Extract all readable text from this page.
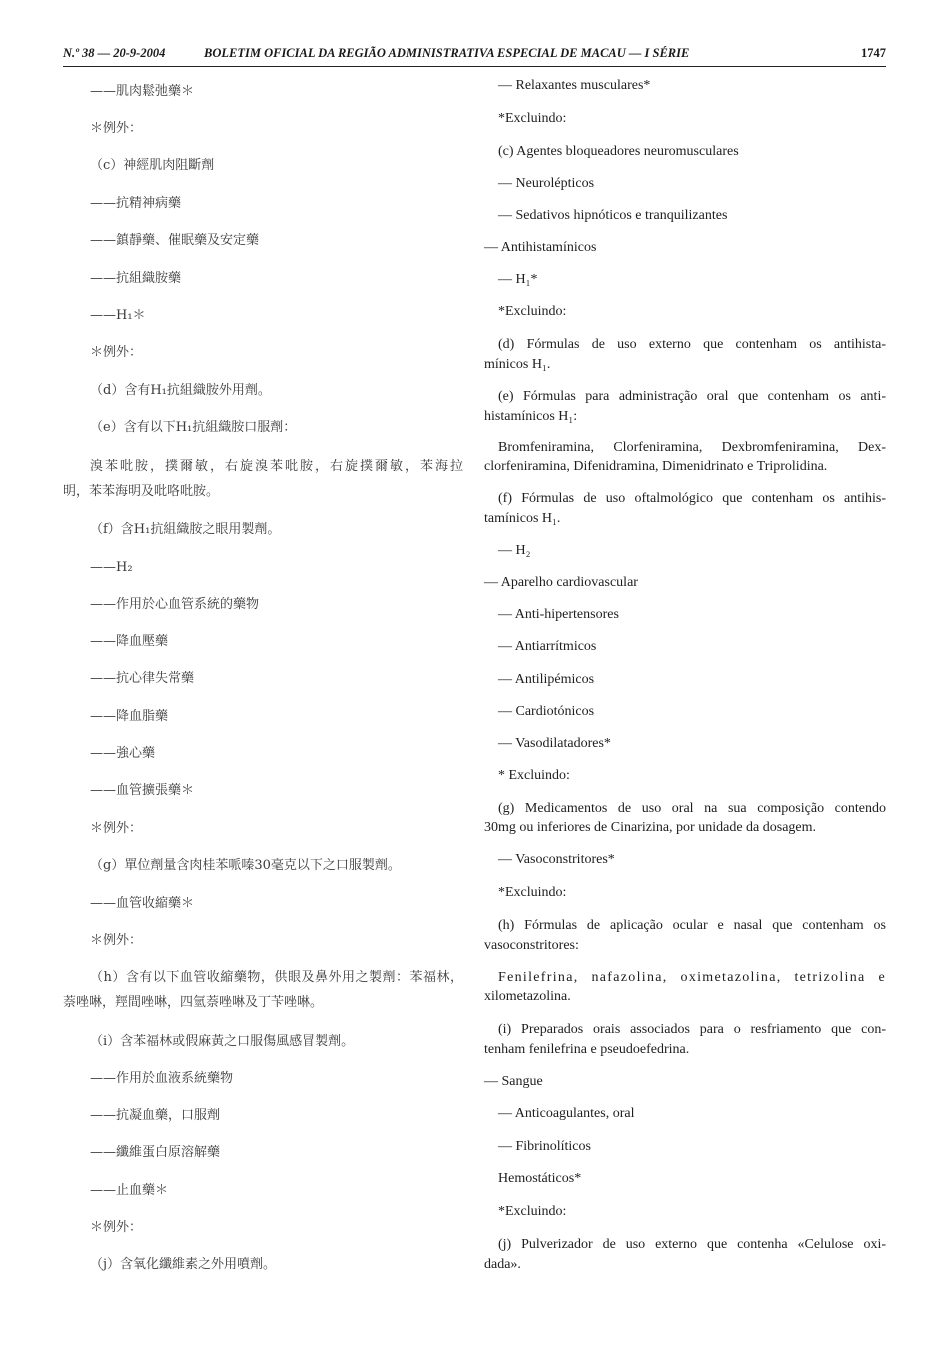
N.º 38 — 20-9-2004	BOLETIM OFICIAL DA REGIÃO ADMINISTRATIVA ESPECIAL DE MACAU — I SÉRIE	1747
——肌肉鬆弛藥＊
＊例外：
（c）神經肌肉阻斷劑
——抗精神病藥
——鎮靜藥、催眠藥及安定藥
——抗組織胺藥
——H₁＊
＊例外：
（d）含有H₁抗組織胺外用劑。
（e）含有以下H₁抗組織胺口服劑：
溴苯吡胺，撲爾敏，右旋溴苯吡胺，右旋撲爾敏，苯海拉
明，苯苯海明及吡咯吡胺。
（f）含H₁抗組織胺之眼用製劑。
——H₂
——作用於心血管系統的藥物
——降血壓藥
——抗心律失常藥
——降血脂藥
——強心藥
——血管擴張藥＊
＊例外：
（g）單位劑量含肉桂苯哌嗪30毫克以下之口服製劑。
——血管收縮藥＊
＊例外：
（h）含有以下血管收縮藥物，供眼及鼻外用之製劑：苯福林，
萘唑啉，羥間唑啉，四氫萘唑啉及丁苄唑啉。
（i）含苯福林或假麻黃之口服傷風感冒製劑。
——作用於血液系統藥物
——抗凝血藥，口服劑
——纖維蛋白原溶解藥
——止血藥＊
＊例外：
（j）含氧化纖維素之外用噴劑。
— Relaxantes musculares*
*Excluindo:
(c) Agentes bloqueadores neuromusculares
— Neurolépticos
— Sedativos hipnóticos e tranquilizantes
— Antihistamínicos
— H₁*
*Excluindo:
(d) Fórmulas de uso externo que contenham os antihista-
mínicos H₁.
(e) Fórmulas para administração oral que contenham os anti-
histamínicos H₁:
Bromfeniramina, Clorfeniramina, Dexbromfeniramina, Dex-
clorfeniramina, Difenidramina, Dimenidrinato e Triprolidina.
(f) Fórmulas de uso oftalmológico que contenham os antihis-
tamínicos H₁.
— H₂
— Aparelho cardiovascular
— Anti-hipertensores
— Antiarrítmicos
— Antilipémicos
— Cardiotónicos
— Vasodilatadores*
* Excluindo:
(g) Medicamentos de uso oral na sua composição contendo
30mg ou inferiores de Cinarizina, por unidade da dosagem.
— Vasoconstritores*
*Excluindo:
(h) Fórmulas de aplicação ocular e nasal que contenham os
vasoconstritores:
Fenilefrina, nafazolina, oximetazolina, tetrizolina e
xilometazolina.
(i) Preparados orais associados para o resfriamento que con-
tenham fenilefrina e pseudoefedrina.
— Sangue
— Anticoagulantes, oral
— Fibrinolíticos
Hemostáticos*
*Excluindo:
(j) Pulverizador de uso externo que contenha «Celulose oxi-
dada».
